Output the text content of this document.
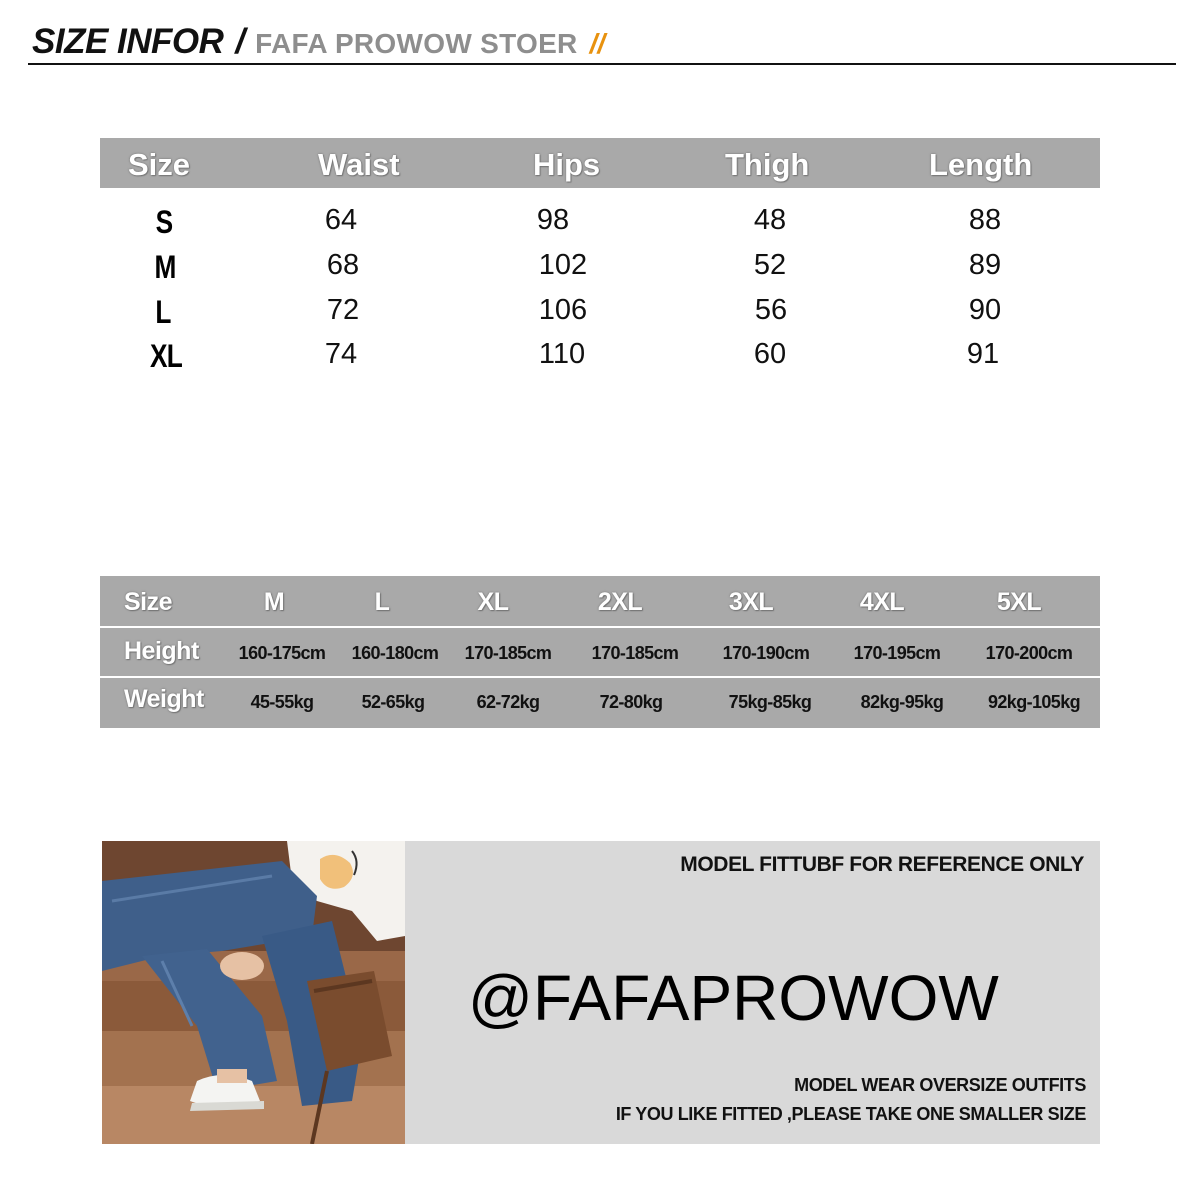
SIZE INFOR / FAFA PROWOW STOER //
Size	Waist	Hips	Thigh	Length
S	64	98	48	88
M	68	102	52	89
L	72	106	56	90
XL	74	110	60	91
Size	M	L	XL	2XL	3XL	4XL	5XL
Height	160-175cm	160-180cm	170-185cm	170-185cm	170-190cm	170-195cm	170-200cm
Weight	45-55kg	52-65kg	62-72kg	72-80kg	75kg-85kg	82kg-95kg	92kg-105kg
MODEL FITTUBF FOR REFERENCE ONLY
@FAFAPROWOW
MODEL WEAR OVERSIZE OUTFITS
IF YOU LIKE FITTED ,PLEASE TAKE ONE SMALLER SIZE
